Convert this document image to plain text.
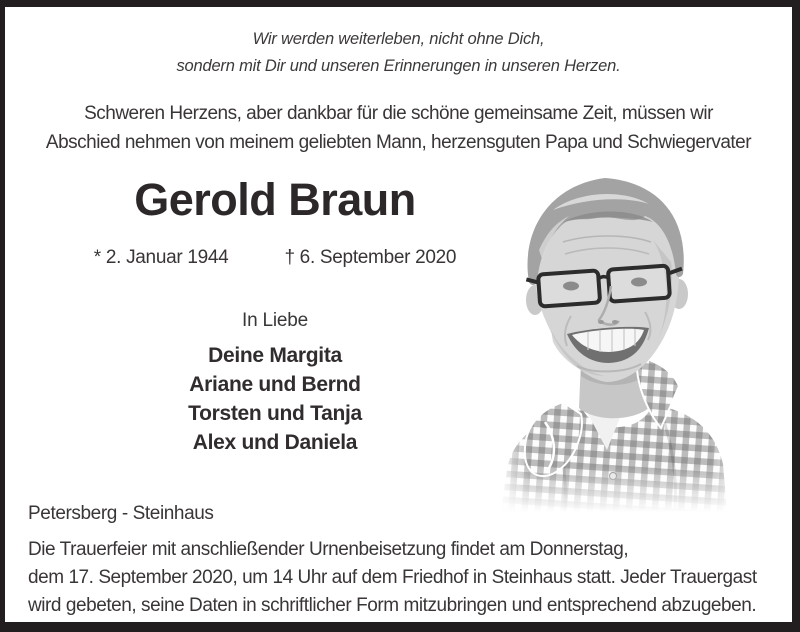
Wir werden weiterleben, nicht ohne Dich,
sondern mit Dir und unseren Erinnerungen in unseren Herzen.
Schweren Herzens, aber dankbar für die schöne gemeinsame Zeit, müssen wir
Abschied nehmen von meinem geliebten Mann, herzensguten Papa und Schwiegervater
Gerold Braun
* 2. Januar 1944	† 6. September 2020
In Liebe
Deine Margita
Ariane und Bernd
Torsten und Tanja
Alex und Daniela
Petersberg - Steinhaus
Die Trauerfeier mit anschließender Urnenbeisetzung findet am Donnerstag,
dem 17. September 2020, um 14 Uhr auf dem Friedhof in Steinhaus statt. Jeder Trauergast
wird gebeten, seine Daten in schriftlicher Form mitzubringen und entsprechend abzugeben.
